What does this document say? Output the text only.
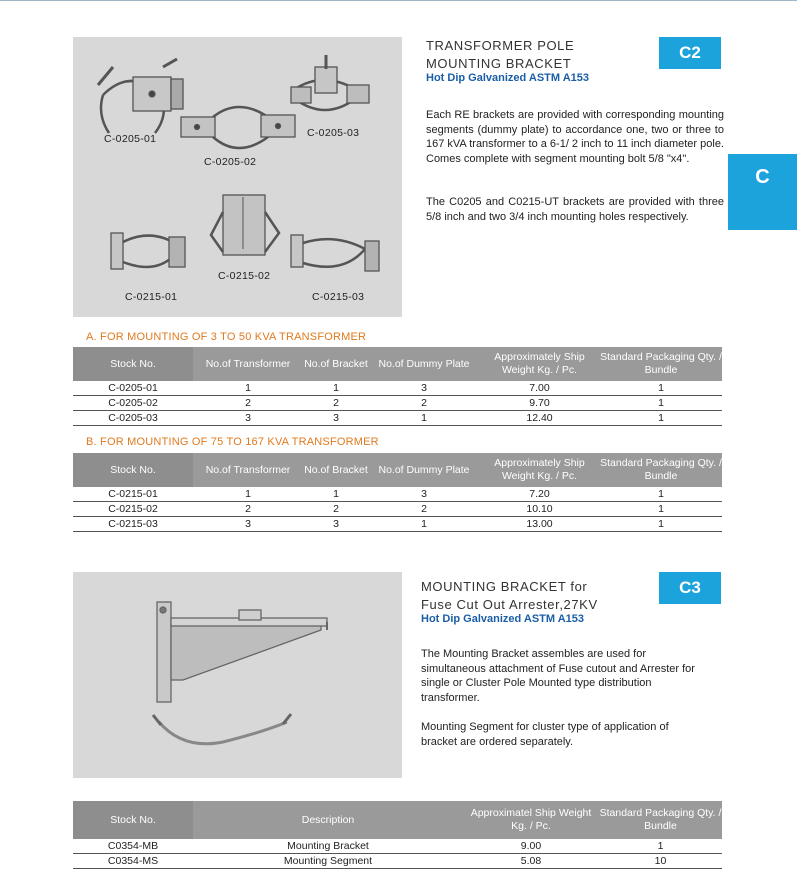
C-0205-01
C-0205-02
C-0205-03
C-0215-01
C-0215-02
C-0215-03
TRANSFORMER POLE
MOUNTING BRACKET
Hot Dip Galvanized ASTM A153
C2
C
Each RE brackets are provided with corresponding mounting segments (dummy plate) to accordance one, two or three to 167 kVA transformer to a 6-1/ 2 inch to 11 inch diameter pole. Comes complete with segment mounting bolt 5/8 "x4".
The C0205 and C0215-UT brackets are provided with three 5/8 inch and two 3/4 inch mounting holes respectively.
A. FOR MOUNTING OF 3 TO 50 KVA TRANSFORMER
Stock No.	No.of Transformer	No.of Bracket	No.of Dummy Plate	Approximately Ship Weight Kg. / Pc.	Standard Packaging Qty. / Bundle
C-0205-01	1	1	3	7.00	1
C-0205-02	2	2	2	9.70	1
C-0205-03	3	3	1	12.40	1
B. FOR MOUNTING OF 75 TO 167 KVA TRANSFORMER
Stock No.	No.of Transformer	No.of Bracket	No.of Dummy Plate	Approximately Ship Weight Kg. / Pc.	Standard Packaging Qty. / Bundle
C-0215-01	1	1	3	7.20	1
C-0215-02	2	2	2	10.10	1
C-0215-03	3	3	1	13.00	1
MOUNTING BRACKET for
Fuse Cut Out Arrester,27KV
Hot Dip Galvanized ASTM A153
C3
The Mounting Bracket assembles are used for simultaneous attachment of Fuse cutout and Arrester for single or Cluster Pole Mounted type distribution transformer.
Mounting Segment for cluster type of application of bracket are ordered separately.
Stock No.	Description	Approximatel Ship Weight Kg. / Pc.	Standard Packaging Qty. / Bundle
C0354-MB	Mounting Bracket	9.00	1
C0354-MS	Mounting Segment	5.08	10
